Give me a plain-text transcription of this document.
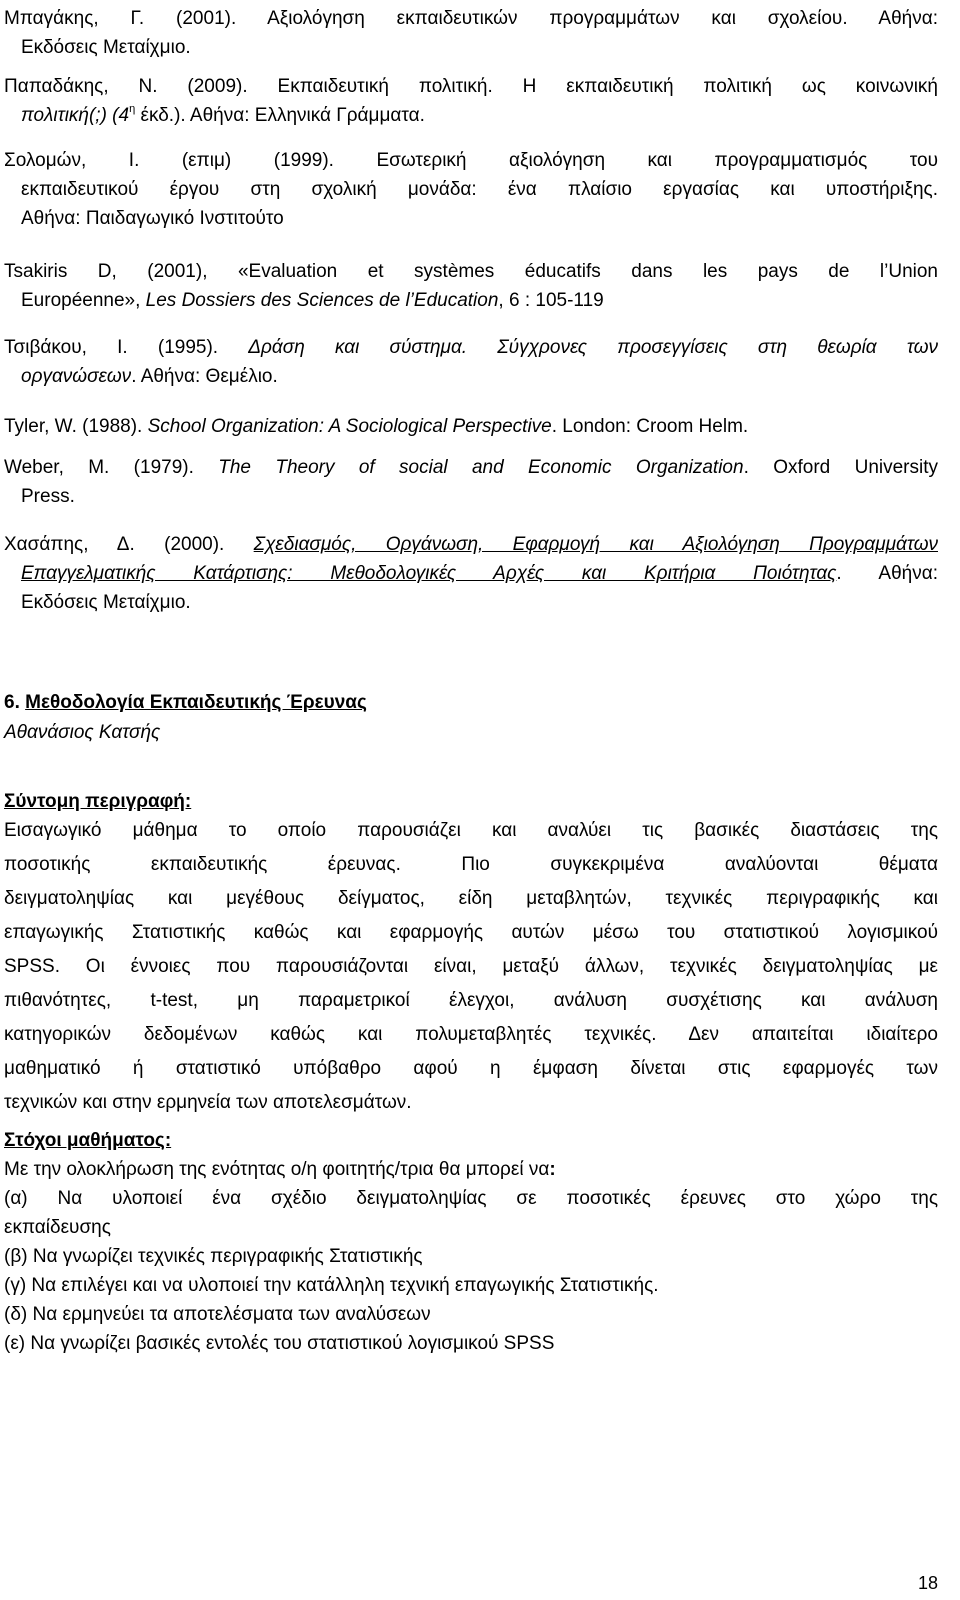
Μπαγάκης, Γ. (2001). Αξιολόγηση εκπαιδευτικών προγραμμάτων και σχολείου. Αθήνα:
Εκδόσεις Μεταίχμιο.
Παπαδάκης, Ν. (2009). Εκπαιδευτική πολιτική. Η εκπαιδευτική πολιτική ως κοινωνική
πολιτική(;) ($4^\eta$ έκδ.). Αθήνα: Ελληνικά Γράμματα.
Σολομών, Ι. (επιμ) (1999). Εσωτερική αξιολόγηση και προγραμματισμός του
εκπαιδευτικού έργου στη σχολική μονάδα: ένα πλαίσιο εργασίας και υποστήριξης.
Αθήνα: Παιδαγωγικό Ινστιτούτο
Tsakiris D, (2001), «Evaluation et systèmes éducatifs dans les pays de l’Union
Européenne», Les Dossiers des Sciences de l’Education, 6 : 105-119
Τσιβάκου, Ι. (1995). Δράση και σύστημα. Σύγχρονες προσεγγίσεις στη θεωρία των
οργανώσεων. Αθήνα: Θεμέλιο.
Tyler, W. (1988). School Organization: A Sociological Perspective. London: Croom Helm.
Weber, M. (1979). The Theory of social and Economic Organization. Oxford University
Press.
Χασάπης, Δ. (2000). Σχεδιασμός, Οργάνωση, Εφαρμογή και Αξιολόγηση Προγραμμάτων
Επαγγελματικής Κατάρτισης: Μεθοδολογικές Αρχές και Κριτήρια Ποιότητας. Αθήνα:
Εκδόσεις Μεταίχμιο.
6. Μεθοδολογία Εκπαιδευτικής Έρευνας
Αθανάσιος Κατσής
Σύντομη περιγραφή:
Εισαγωγικό μάθημα το οποίο παρουσιάζει και αναλύει τις βασικές διαστάσεις της
ποσοτικής εκπαιδευτικής έρευνας. Πιο συγκεκριμένα αναλύονται θέματα
δειγματοληψίας και μεγέθους δείγματος, είδη μεταβλητών, τεχνικές περιγραφικής και
επαγωγικής Στατιστικής καθώς και εφαρμογής αυτών μέσω του στατιστικού λογισμικού
SPSS. Οι έννοιες που παρουσιάζονται είναι, μεταξύ άλλων, τεχνικές δειγματοληψίας με
πιθανότητες, t-test, μη παραμετρικοί έλεγχοι, ανάλυση συσχέτισης και ανάλυση
κατηγορικών δεδομένων καθώς και πολυμεταβλητές τεχνικές. Δεν απαιτείται ιδιαίτερο
μαθηματικό ή στατιστικό υπόβαθρο αφού η έμφαση δίνεται στις εφαρμογές των
τεχνικών και στην ερμηνεία των αποτελεσμάτων.
Στόχοι μαθήματος:
Με την ολοκλήρωση της ενότητας ο/η φοιτητής/τρια θα μπορεί να:
(α) Να υλοποιεί ένα σχέδιο δειγματοληψίας σε ποσοτικές έρευνες στο χώρο της
εκπαίδευσης
(β) Να γνωρίζει τεχνικές περιγραφικής Στατιστικής
(γ) Να επιλέγει και να υλοποιεί την κατάλληλη τεχνική επαγωγικής Στατιστικής.
(δ) Να ερμηνεύει τα αποτελέσματα των αναλύσεων
(ε) Να γνωρίζει βασικές εντολές του στατιστικού λογισμικού SPSS
18
